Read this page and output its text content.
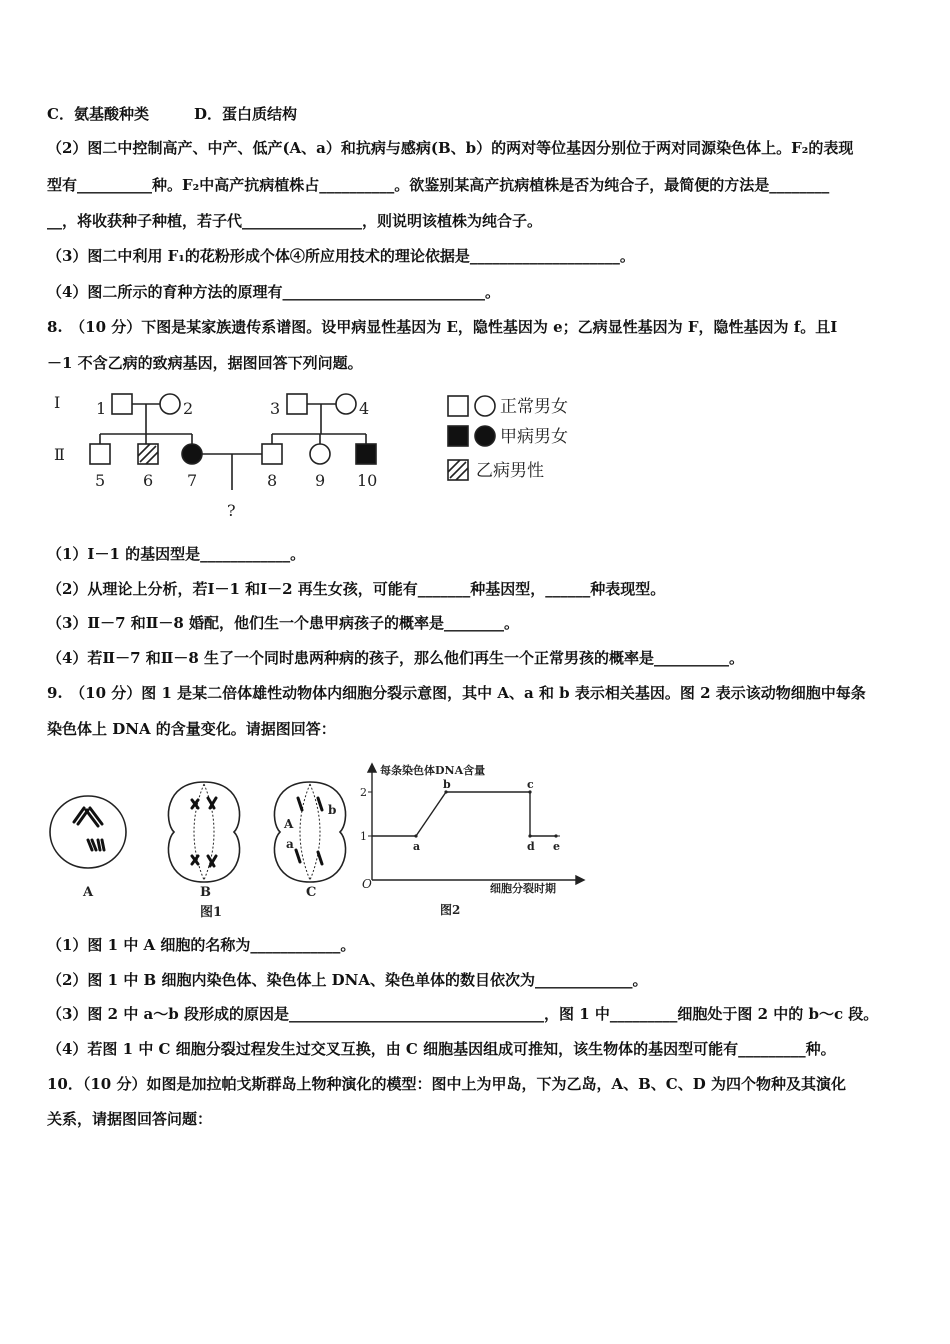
C．氨基酸种类　　　D．蛋白质结构
（2）图二中控制高产、中产、低产(A、a）和抗病与感病(B、b）的两对等位基因分别位于两对同源染色体上。F₂的表现
型有__________种。F₂中高产抗病植株占__________。欲鉴别某高产抗病植株是否为纯合子，最简便的方法是________
__，将收获种子种植，若子代________________，则说明该植株为纯合子。
（3）图二中利用 F₁的花粉形成个体④所应用技术的理论依据是____________________。
（4）图二所示的育种方法的原理有___________________________。
8.　（10 分）下图是某家族遗传系谱图。设甲病显性基因为 E，隐性基因为 e；乙病显性基因为 F，隐性基因为 f。且Ⅰ
－1 不含乙病的致病基因，据图回答下列问题。
Ⅰ
Ⅱ
1	2	3	4
5 6 7	8 9 10
?
正常男女
甲病男女
乙病男性
（1）Ⅰ－1 的基因型是____________。
（2）从理论上分析，若Ⅰ－1 和Ⅰ－2 再生女孩，可能有_______种基因型，______种表现型。
（3）Ⅱ－7 和Ⅱ－8 婚配，他们生一个患甲病孩子的概率是________。
（4）若Ⅱ－7 和Ⅱ－8 生了一个同时患两种病的孩子，那么他们再生一个正常男孩的概率是__________。
9.　（10 分）图 1 是某二倍体雄性动物体内细胞分裂示意图，其中 A、a 和 b 表示相关基因。图 2 表示该动物细胞中每条
染色体上 DNA 的含量变化。请据图回答：
A
a
b
A	B	C
图1
每条染色体DNA含量
细胞分裂时期
O
1
2
a
b	c
d e
图2
（1）图 1 中 A 细胞的名称为____________。
（2）图 1 中 B 细胞内染色体、染色体上 DNA、染色单体的数目依次为_____________。
（3）图 2 中 a～b 段形成的原因是__________________________________，图 1 中_________细胞处于图 2 中的 b～c 段。
（4）若图 1 中 C 细胞分裂过程发生过交叉互换，由 C 细胞基因组成可推知，该生物体的基因型可能有_________种。
10．（10 分）如图是加拉帕戈斯群岛上物种演化的模型：图中上为甲岛，下为乙岛，A、B、C、D 为四个物种及其演化
关系，请据图回答问题：
